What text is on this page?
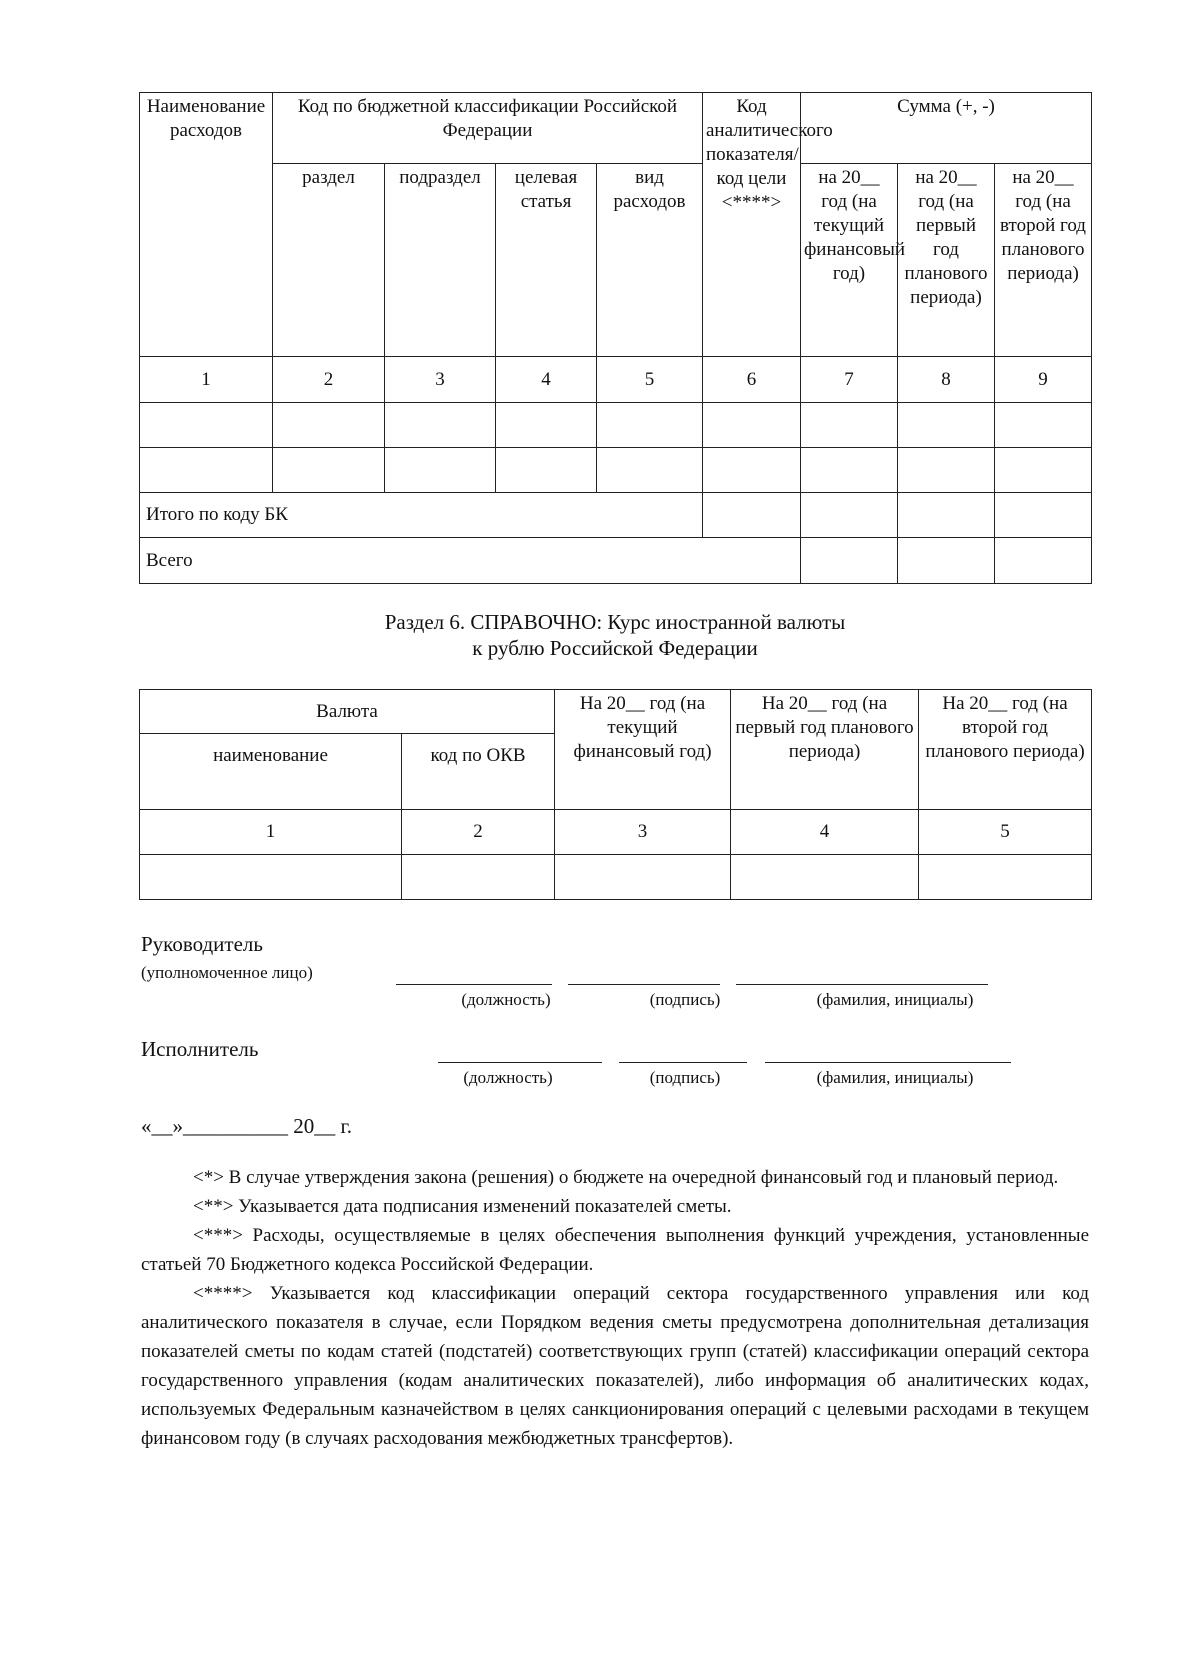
Наименование расходов	Код по бюджетной классификации Российской Федерации				Код аналитического показателя/код цели <****>	Сумма (+, -)		
	раздел	подраздел	целевая статья	вид расходов		на 20__ год (на текущий финансовый год)	на 20__ год (на первый год планового периода)	на 20__ год (на второй год планового периода)
1	2	3	4	5	6	7	8	9

Итого по коду БК								
Всего								
Раздел 6. СПРАВОЧНО: Курс иностранной валюты
к рублю Российской Федерации
Валюта		На 20__ год (на текущий финансовый год)	На 20__ год (на первый год планового периода)	На 20__ год (на второй год планового периода)
наименование	код по ОКВ			
1	2	3	4	5

Руководитель
(уполномоченное лицо)
(должность)	(подпись)	(фамилия, инициалы)
Исполнитель
(должность)	(подпись)	(фамилия, инициалы)
«__»__________ 20__ г.

<*> В случае утверждения закона (решения) о бюджете на очередной финансовый год и плановый период.

<**> Указывается дата подписания изменений показателей сметы.

<***> Расходы, осуществляемые в целях обеспечения выполнения функций учреждения, установленные статьей 70 Бюджетного кодекса Российской Федерации.

<****> Указывается код классификации операций сектора государственного управления или код аналитического показателя в случае, если Порядком ведения сметы предусмотрена дополнительная детализация показателей сметы по кодам статей (подстатей) соответствующих групп (статей) классификации операций сектора государственного управления (кодам аналитических показателей), либо информация об аналитических кодах, используемых Федеральным казначейством в целях санкционирования операций с целевыми расходами в текущем финансовом году (в случаях расходования межбюджетных трансфертов).
